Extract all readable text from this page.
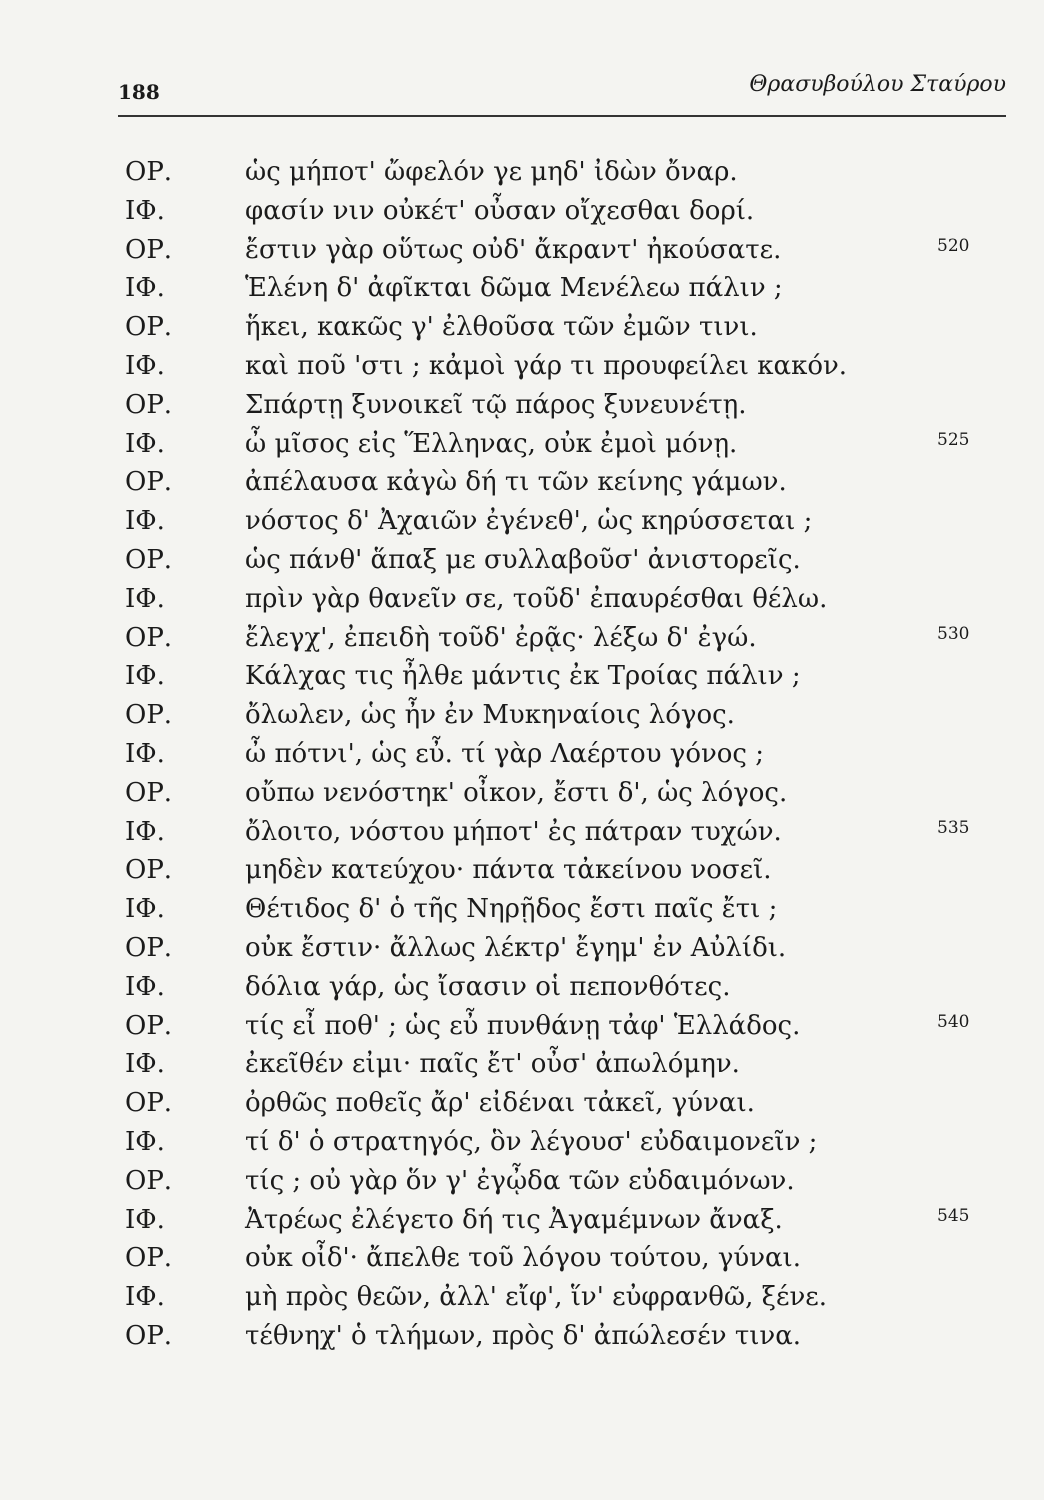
188	Θρασυβούλου Σταύρου
ΟΡ.	ὡς μήποτ' ὤφελόν γε μηδ' ἰδὼν ὄναρ.
ΙΦ.	φασίν νιν οὐκέτ' οὖσαν οἴχεσθαι δορί.
ΟΡ.	ἔστιν γὰρ οὕτως οὐδ' ἄκραντ' ἠκούσατε.	520
ΙΦ.	Ἑλένη δ' ἀφῖκται δῶμα Μενέλεω πάλιν ;
ΟΡ.	ἥκει, κακῶς γ' ἐλθοῦσα τῶν ἐμῶν τινι.
ΙΦ.	καὶ ποῦ 'στι ; κἀμοὶ γάρ τι προυφείλει κακόν.
ΟΡ.	Σπάρτῃ ξυνοικεῖ τῷ πάρος ξυνευνέτῃ.
ΙΦ.	ὦ μῖσος εἰς Ἕλληνας, οὐκ ἐμοὶ μόνῃ.	525
ΟΡ.	ἀπέλαυσα κἀγὼ δή τι τῶν κείνης γάμων.
ΙΦ.	νόστος δ' Ἀχαιῶν ἐγένεθ', ὡς κηρύσσεται ;
ΟΡ.	ὡς πάνθ' ἅπαξ με συλλαβοῦσ' ἀνιστορεῖς.
ΙΦ.	πρὶν γὰρ θανεῖν σε, τοῦδ' ἐπαυρέσθαι θέλω.
ΟΡ.	ἔλεγχ', ἐπειδὴ τοῦδ' ἐρᾷς· λέξω δ' ἐγώ.	530
ΙΦ.	Κάλχας τις ἦλθε μάντις ἐκ Τροίας πάλιν ;
ΟΡ.	ὄλωλεν, ὡς ἦν ἐν Μυκηναίοις λόγος.
ΙΦ.	ὦ πότνι', ὡς εὖ. τί γὰρ Λαέρτου γόνος ;
ΟΡ.	οὔπω νενόστηκ' οἶκον, ἔστι δ', ὡς λόγος.
ΙΦ.	ὄλοιτο, νόστου μήποτ' ἐς πάτραν τυχών.	535
ΟΡ.	μηδὲν κατεύχου· πάντα τἀκείνου νοσεῖ.
ΙΦ.	Θέτιδος δ' ὁ τῆς Νηρῇδος ἔστι παῖς ἔτι ;
ΟΡ.	οὐκ ἔστιν· ἄλλως λέκτρ' ἔγημ' ἐν Αὐλίδι.
ΙΦ.	δόλια γάρ, ὡς ἴσασιν οἱ πεπονθότες.
ΟΡ.	τίς εἶ ποθ' ; ὡς εὖ πυνθάνῃ τἀφ' Ἑλλάδος.	540
ΙΦ.	ἐκεῖθέν εἰμι· παῖς ἔτ' οὖσ' ἀπωλόμην.
ΟΡ.	ὀρθῶς ποθεῖς ἄρ' εἰδέναι τἀκεῖ, γύναι.
ΙΦ.	τί δ' ὁ στρατηγός, ὃν λέγουσ' εὐδαιμονεῖν ;
ΟΡ.	τίς ; οὐ γὰρ ὅν γ' ἐγᾦδα τῶν εὐδαιμόνων.
ΙΦ.	Ἀτρέως ἐλέγετο δή τις Ἀγαμέμνων ἄναξ.	545
ΟΡ.	οὐκ οἶδ'· ἄπελθε τοῦ λόγου τούτου, γύναι.
ΙΦ.	μὴ πρὸς θεῶν, ἀλλ' εἴφ', ἵν' εὐφρανθῶ, ξένε.
ΟΡ.	τέθνηχ' ὁ τλήμων, πρὸς δ' ἀπώλεσέν τινα.
